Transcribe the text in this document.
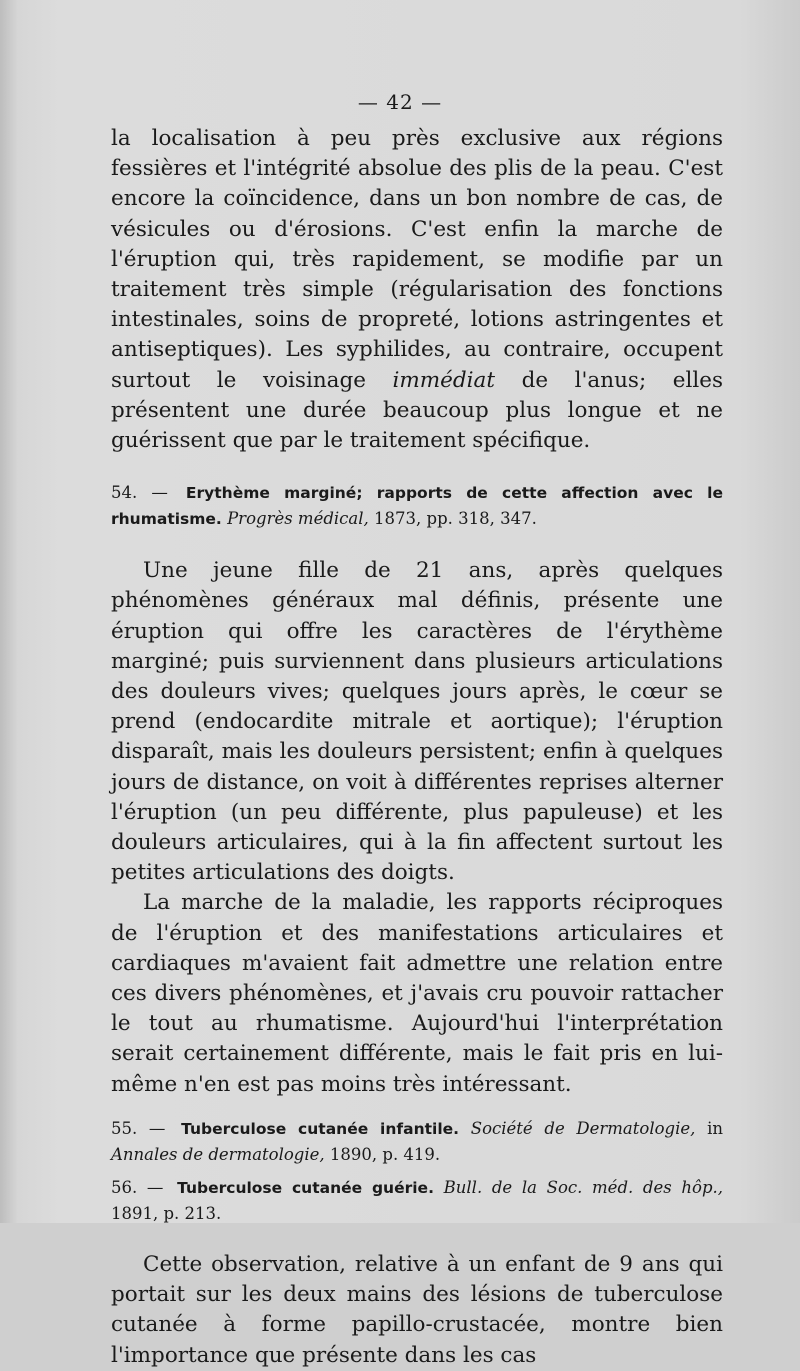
— 42 —

la localisation à peu près exclusive aux régions fessières et l'intégrité absolue des plis de la peau. C'est encore la coïncidence, dans un bon nombre de cas, de vésicules ou d'érosions. C'est enfin la marche de l'éruption qui, très rapidement, se modifie par un traitement très simple (régularisation des fonctions intestinales, soins de propreté, lotions astringentes et antiseptiques). Les syphilides, au contraire, occupent surtout le voisinage immédiat de l'anus; elles présentent une durée beaucoup plus longue et ne guérissent que par le traitement spécifique.

54. — Erythème marginé; rapports de cette affection avec le rhumatisme. Progrès médical, 1873, pp. 318, 347.

Une jeune fille de 21 ans, après quelques phénomènes généraux mal définis, présente une éruption qui offre les caractères de l'érythème marginé; puis surviennent dans plusieurs articulations des douleurs vives; quelques jours après, le cœur se prend (endocardite mitrale et aortique); l'éruption disparaît, mais les douleurs persistent; enfin à quelques jours de distance, on voit à différentes reprises alterner l'éruption (un peu différente, plus papuleuse) et les douleurs articulaires, qui à la fin affectent surtout les petites articulations des doigts.

La marche de la maladie, les rapports réciproques de l'éruption et des manifestations articulaires et cardiaques m'avaient fait admettre une relation entre ces divers phénomènes, et j'avais cru pouvoir rattacher le tout au rhumatisme. Aujourd'hui l'interprétation serait certainement différente, mais le fait pris en lui-même n'en est pas moins très intéressant.

55. — Tuberculose cutanée infantile. Société de Dermatologie, in Annales de dermatologie, 1890, p. 419.

56. — Tuberculose cutanée guérie. Bull. de la Soc. méd. des hôp., 1891, p. 213.

Cette observation, relative à un enfant de 9 ans qui portait sur les deux mains des lésions de tuberculose cutanée à forme papillo-crustacée, montre bien l'importance que présente dans les cas
